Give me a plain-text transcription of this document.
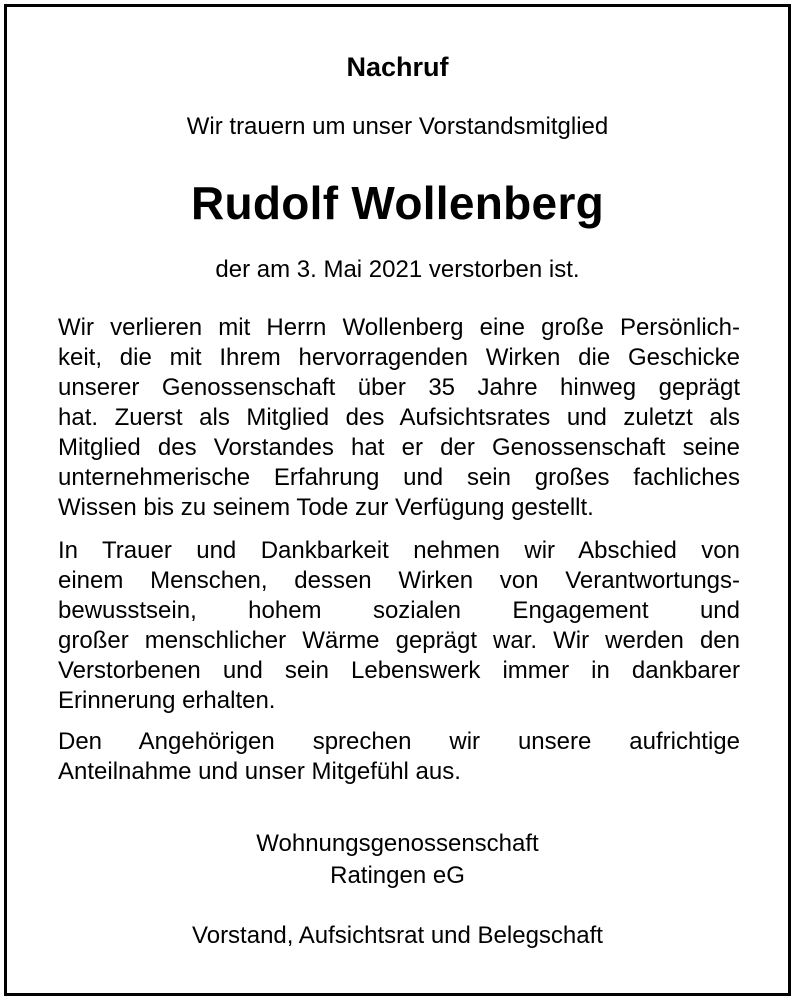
Nachruf
Wir trauern um unser Vorstandsmitglied
Rudolf Wollenberg
der am 3. Mai 2021 verstorben ist.
Wir verlieren mit Herrn Wollenberg eine große Persönlich-
keit, die mit Ihrem hervorragenden Wirken die Geschicke
unserer Genossenschaft über 35 Jahre hinweg geprägt
hat. Zuerst als Mitglied des Aufsichtsrates und zuletzt als
Mitglied des Vorstandes hat er der Genossenschaft seine
unternehmerische Erfahrung und sein großes fachliches
Wissen bis zu seinem Tode zur Verfügung gestellt.
In Trauer und Dankbarkeit nehmen wir Abschied von
einem Menschen, dessen Wirken von Verantwortungs-
bewusstsein, hohem sozialen Engagement und
großer menschlicher Wärme geprägt war. Wir werden den
Verstorbenen und sein Lebenswerk immer in dankbarer
Erinnerung erhalten.
Den Angehörigen sprechen wir unsere aufrichtige
Anteilnahme und unser Mitgefühl aus.
Wohnungsgenossenschaft
Ratingen eG
Vorstand, Aufsichtsrat und Belegschaft
